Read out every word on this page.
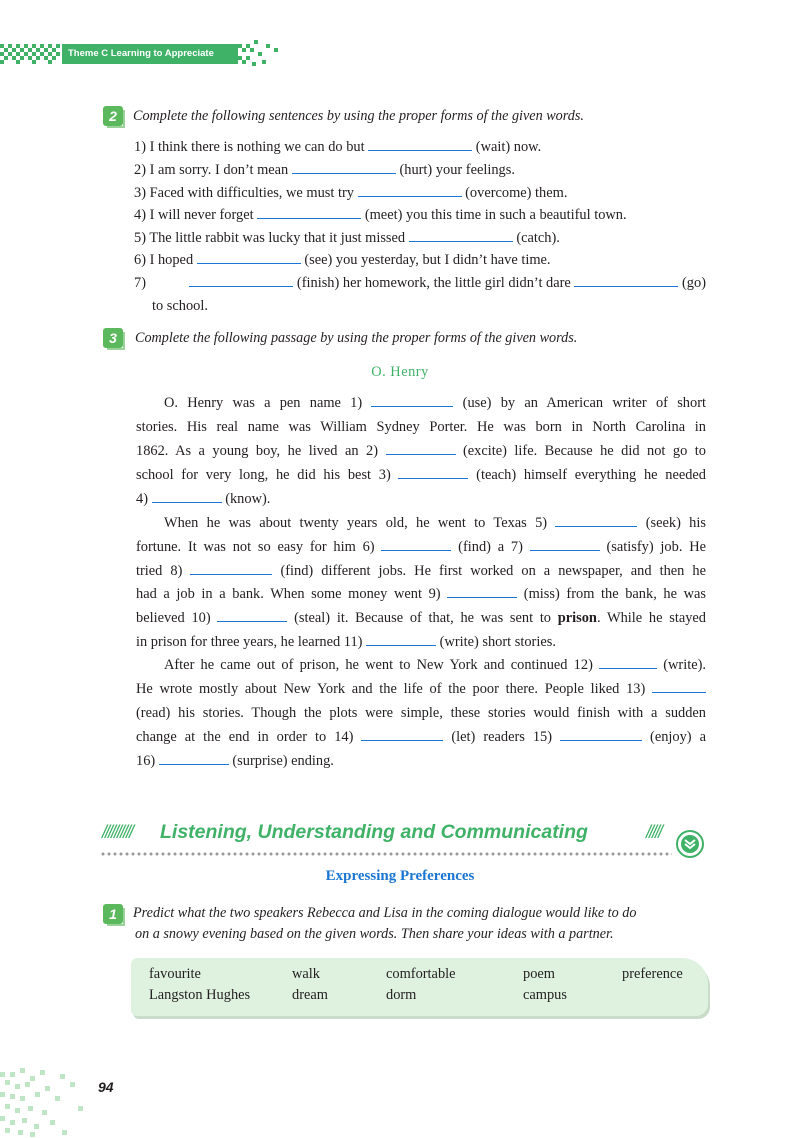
Theme C Learning to Appreciate
2	Complete the following sentences by using the proper forms of the given words.
1) I think there is nothing we can do but	(wait) now.
2) I am sorry. I don’t mean	(hurt) your feelings.
3) Faced with difficulties, we must try	(overcome) them.
4) I will never forget	(meet) you this time in such a beautiful town.
5) The little rabbit was lucky that it just missed	(catch).
6) I hoped	(see) you yesterday, but I didn’t have time.
7)	(finish) her homework, the little girl didn’t dare	(go)
to school.
3	Complete the following passage by using the proper forms of the given words.
O. Henry
O. Henry was a pen name 1)	(use) by an American writer of short
stories. His real name was William Sydney Porter. He was born in North Carolina in
1862. As a young boy, he lived an 2)	(excite) life. Because he did not go to
school for very long, he did his best 3)	(teach) himself everything he needed
4)	(know).
When he was about twenty years old, he went to Texas 5)	(seek) his
fortune. It was not so easy for him 6)	(find) a 7)	(satisfy) job. He
tried 8)	(find) different jobs. He first worked on a newspaper, and then he
had a job in a bank. When some money went 9)	(miss) from the bank, he was
believed 10)	(steal) it. Because of that, he was sent to prison. While he stayed
in prison for three years, he learned 11)	(write) short stories.
After he came out of prison, he went to New York and continued 12)	(write).
He wrote mostly about New York and the life of the poor there. People liked 13)
(read) his stories. Though the plots were simple, these stories would finish with a sudden
change at the end in order to 14)	(let) readers 15)	(enjoy) a
16)	(surprise) ending.
////////// Listening, Understanding and Communicating	/////
Expressing Preferences
1	Predict what the two speakers Rebecca and Lisa in the coming dialogue would like to do
on a snowy evening based on the given words. Then share your ideas with a partner.
favourite	walk	comfortable	poem	preference
Langston Hughes	dream	dorm	campus
94
